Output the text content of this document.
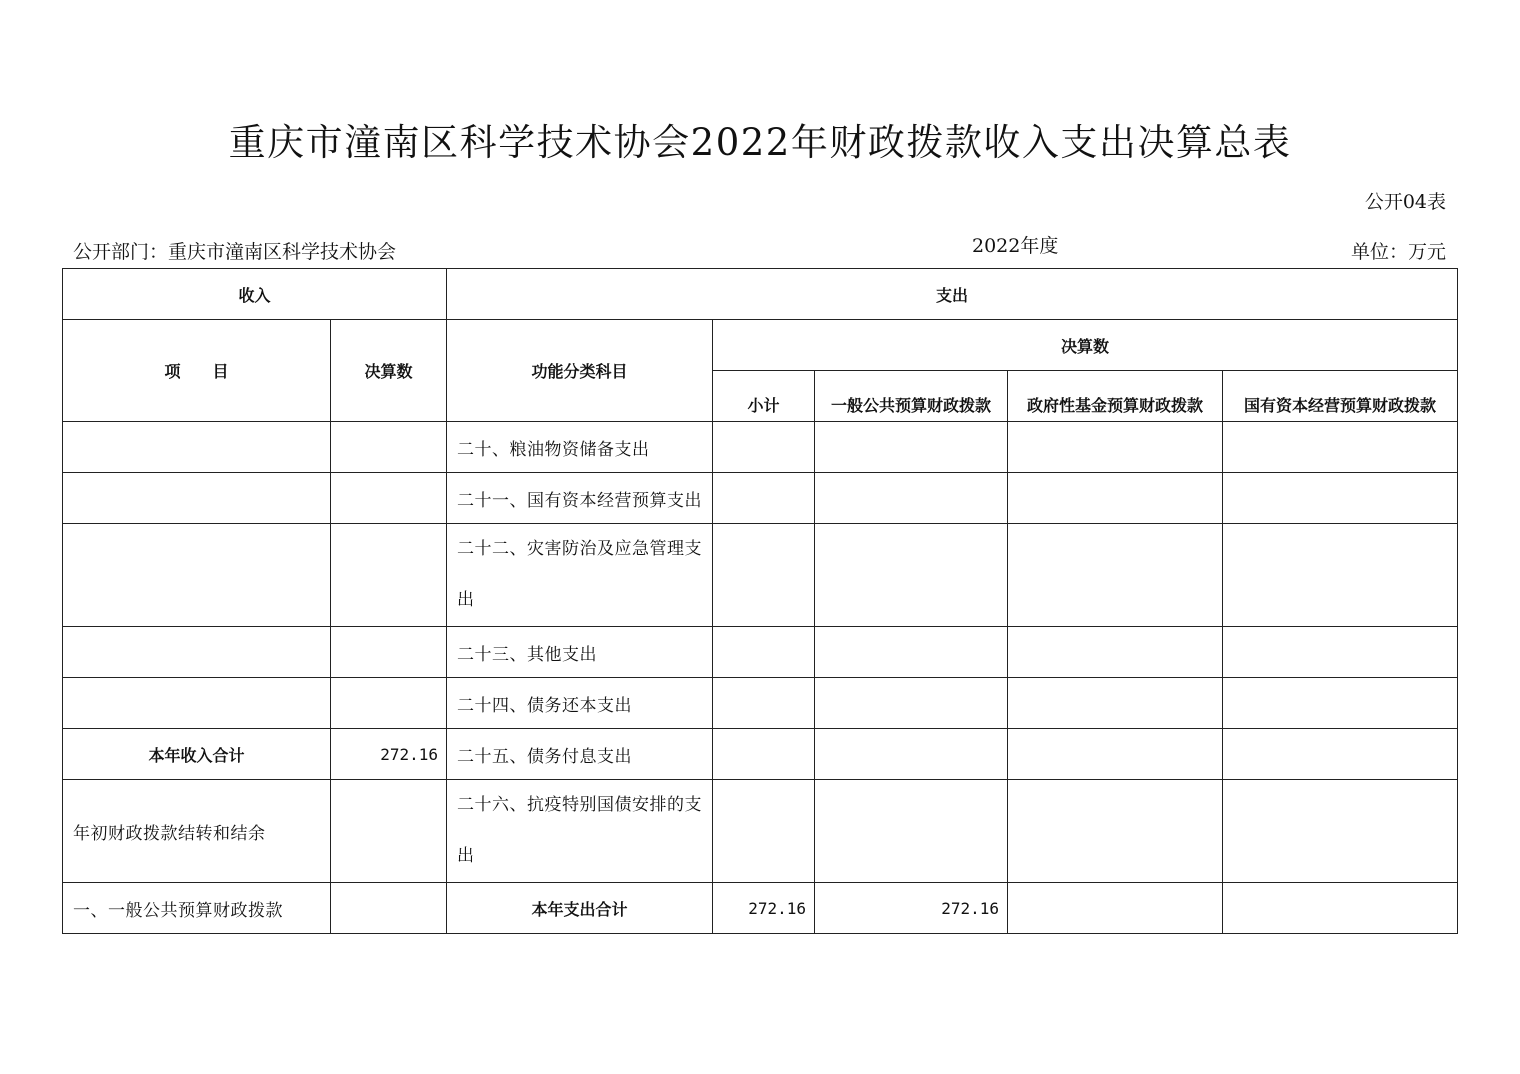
重庆市潼南区科学技术协会2022年财政拨款收入支出决算总表
公开04表
公开部门：重庆市潼南区科学技术协会	2022年度	单位：万元
收入		支出				
项　　目	决算数	功能分类科目	决算数			
			小计	一般公共预算财政拨款	政府性基金预算财政拨款	国有资本经营预算财政拨款
		二十、粮油物资储备支出				
		二十一、国有资本经营预算支出				
		二十二、灾害防治及应急管理支出				
		二十三、其他支出				
		二十四、债务还本支出				
本年收入合计	272.16	二十五、债务付息支出				
年初财政拨款结转和结余		二十六、抗疫特别国债安排的支出				
一、一般公共预算财政拨款		本年支出合计	272.16	272.16		
